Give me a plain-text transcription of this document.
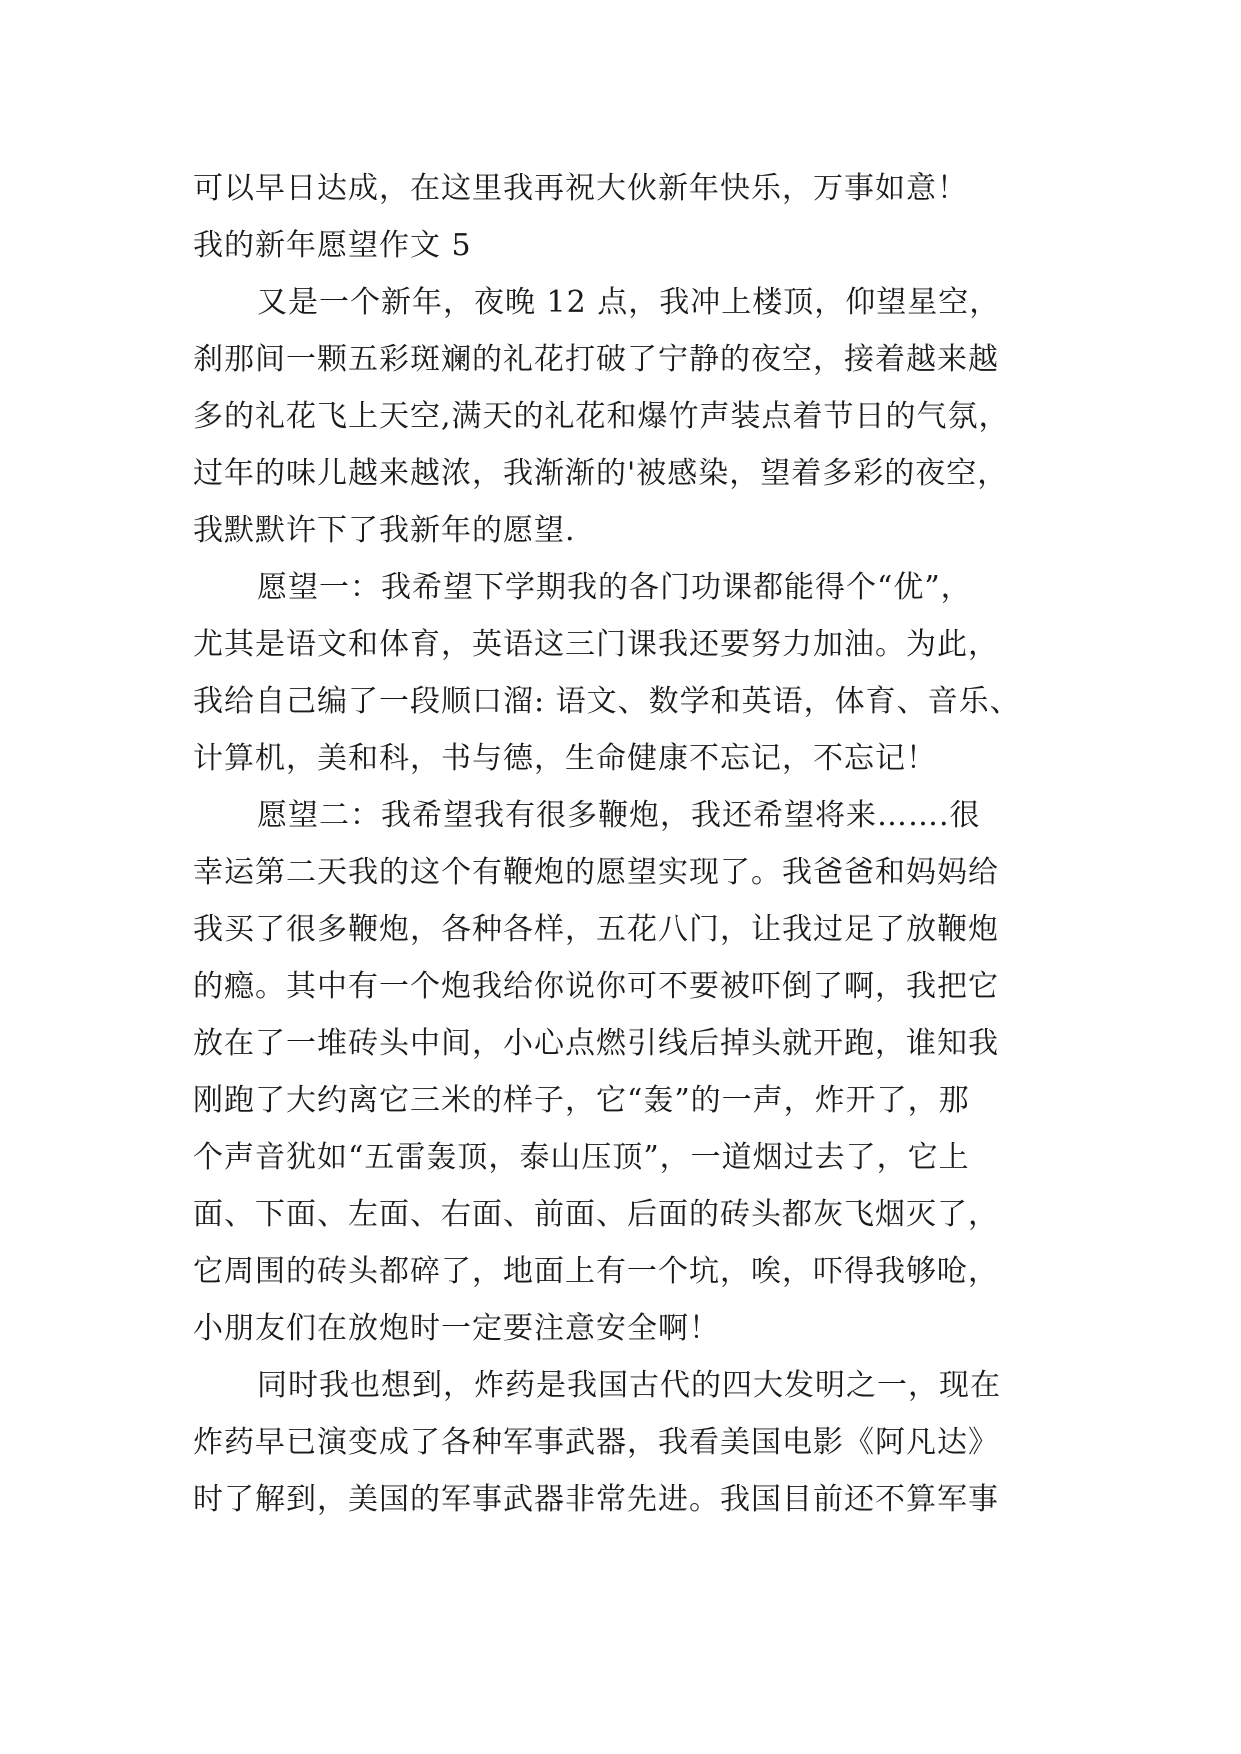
可以早日达成，在这里我再祝大伙新年快乐，万事如意！
我的新年愿望作文 5
又是一个新年，夜晚 12 点，我冲上楼顶，仰望星空，
刹那间一颗五彩斑斓的礼花打破了宁静的夜空，接着越来越
多的礼花飞上天空,满天的礼花和爆竹声装点着节日的气氛，
过年的味儿越来越浓，我渐渐的'被感染，望着多彩的夜空，
我默默许下了我新年的愿望.
愿望一：我希望下学期我的各门功课都能得个“优”，
尤其是语文和体育，英语这三门课我还要努力加油。为此，
我给自己编了一段顺口溜: 语文、数学和英语，体育、音乐、
计算机，美和科，书与德，生命健康不忘记，不忘记！
愿望二：我希望我有很多鞭炮，我还希望将来…….很
幸运第二天我的这个有鞭炮的愿望实现了。我爸爸和妈妈给
我买了很多鞭炮，各种各样，五花八门，让我过足了放鞭炮
的瘾。其中有一个炮我给你说你可不要被吓倒了啊，我把它
放在了一堆砖头中间，小心点燃引线后掉头就开跑，谁知我
刚跑了大约离它三米的样子，它“轰”的一声，炸开了，那
个声音犹如“五雷轰顶，泰山压顶”，一道烟过去了，它上
面、下面、左面、右面、前面、后面的砖头都灰飞烟灭了，
它周围的砖头都碎了，地面上有一个坑，唉，吓得我够呛，
小朋友们在放炮时一定要注意安全啊！
同时我也想到，炸药是我国古代的四大发明之一，现在
炸药早已演变成了各种军事武器，我看美国电影《阿凡达》
时了解到，美国的军事武器非常先进。我国目前还不算军事
